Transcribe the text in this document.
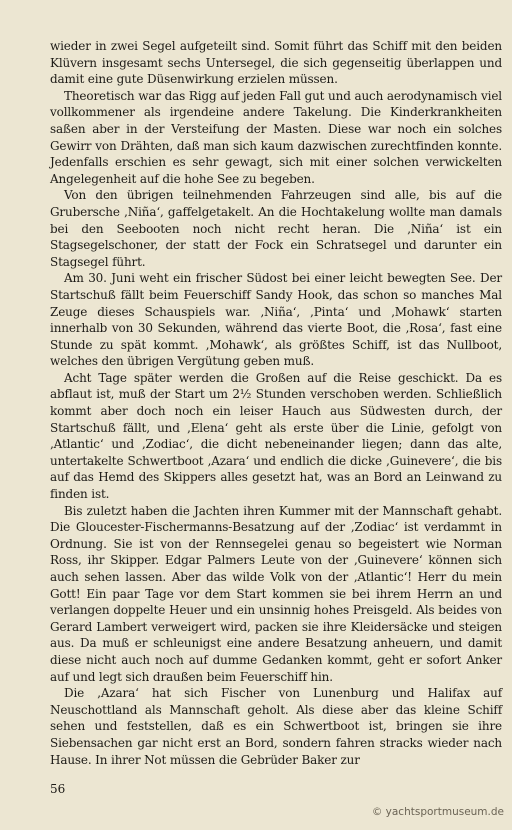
wieder in zwei Segel aufgeteilt sind. Somit führt das Schiff mit den beiden Klüvern insgesamt sechs Untersegel, die sich gegenseitig überlappen und damit eine gute Düsenwirkung erzielen müssen.

Theoretisch war das Rigg auf jeden Fall gut und auch aerodynamisch viel vollkommener als irgendeine andere Takelung. Die Kinderkrankheiten saßen aber in der Versteifung der Masten. Diese war noch ein solches Gewirr von Drähten, daß man sich kaum dazwischen zurechtfinden konnte. Jedenfalls erschien es sehr gewagt, sich mit einer solchen verwickelten Angelegenheit auf die hohe See zu begeben.

Von den übrigen teilnehmenden Fahrzeugen sind alle, bis auf die Grubersche ‚Niña‘, gaffelgetakelt. An die Hochtakelung wollte man damals bei den Seebooten noch nicht recht heran. Die ‚Niña‘ ist ein Stagsegelschoner, der statt der Fock ein Schratsegel und darunter ein Stagsegel führt.

Am 30. Juni weht ein frischer Südost bei einer leicht bewegten See. Der Startschuß fällt beim Feuerschiff Sandy Hook, das schon so manches Mal Zeuge dieses Schauspiels war. ‚Niña‘, ‚Pinta‘ und ‚Mohawk‘ starten innerhalb von 30 Sekunden, während das vierte Boot, die ‚Rosa‘, fast eine Stunde zu spät kommt. ‚Mohawk‘, als größtes Schiff, ist das Nullboot, welches den übrigen Vergütung geben muß.

Acht Tage später werden die Großen auf die Reise geschickt. Da es abflaut ist, muß der Start um 2½ Stunden verschoben werden. Schließlich kommt aber doch noch ein leiser Hauch aus Südwesten durch, der Startschuß fällt, und ‚Elena‘ geht als erste über die Linie, gefolgt von ‚Atlantic‘ und ‚Zodiac‘, die dicht nebeneinander liegen; dann das alte, untertakelte Schwertboot ‚Azara‘ und endlich die dicke ‚Guinevere‘, die bis auf das Hemd des Skippers alles gesetzt hat, was an Bord an Leinwand zu finden ist.

Bis zuletzt haben die Jachten ihren Kummer mit der Mannschaft gehabt. Die Gloucester-Fischermanns-Besatzung auf der ‚Zodiac‘ ist verdammt in Ordnung. Sie ist von der Rennsegelei genau so begeistert wie Norman Ross, ihr Skipper. Edgar Palmers Leute von der ‚Guinevere‘ können sich auch sehen lassen. Aber das wilde Volk von der ‚Atlantic‘! Herr du mein Gott! Ein paar Tage vor dem Start kommen sie bei ihrem Herrn an und verlangen doppelte Heuer und ein unsinnig hohes Preisgeld. Als beides von Gerard Lambert verweigert wird, packen sie ihre Kleidersäcke und steigen aus. Da muß er schleunigst eine andere Besatzung anheuern, und damit diese nicht auch noch auf dumme Gedanken kommt, geht er sofort Anker auf und legt sich draußen beim Feuerschiff hin.

Die ‚Azara‘ hat sich Fischer von Lunenburg und Halifax auf Neuschottland als Mannschaft geholt. Als diese aber das kleine Schiff sehen und feststellen, daß es ein Schwertboot ist, bringen sie ihre Siebensachen gar nicht erst an Bord, sondern fahren stracks wieder nach Hause. In ihrer Not müssen die Gebrüder Baker zur

56
© yachtsportmuseum.de
